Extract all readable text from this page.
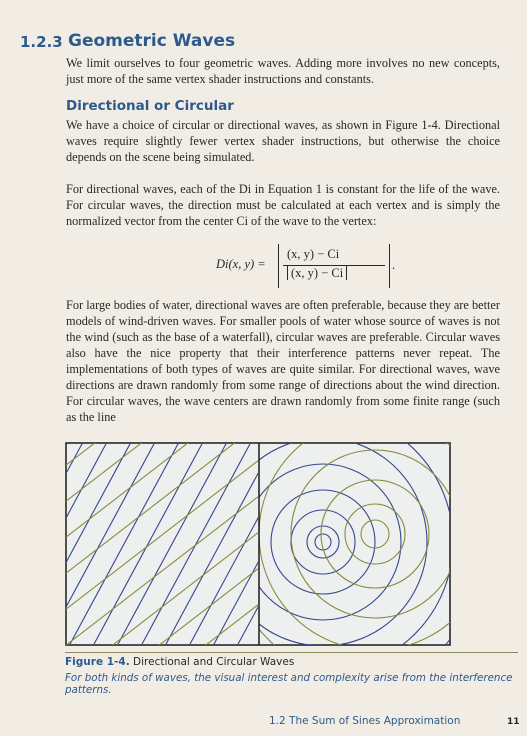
1.2.3 Geometric Waves

We limit ourselves to four geometric waves. Adding more involves no new concepts, just more of the same vertex shader instructions and constants.

Directional or Circular

We have a choice of circular or directional waves, as shown in Figure 1-4. Directional waves require slightly fewer vertex shader instructions, but otherwise the choice depends on the scene being simulated.

For directional waves, each of the Di in Equation 1 is constant for the life of the wave. For circular waves, the direction must be calculated at each vertex and is simply the normalized vector from the center Ci of the wave to the vertex:

Di(x, y) =
(x, y) − Ci
(x, y) − Ci
.

For large bodies of water, directional waves are often preferable, because they are better models of wind-driven waves. For smaller pools of water whose source of waves is not the wind (such as the base of a waterfall), circular waves are preferable. Circular waves also have the nice property that their interference patterns never repeat. The implementations of both types of waves are quite similar. For directional waves, wave directions are drawn randomly from some range of directions about the wind direction. For circular waves, the wave centers are drawn randomly from some finite range (such as the line

Figure 1-4. Directional and Circular Waves
For both kinds of waves, the visual interest and complexity arise from the interference patterns.
1.2 The Sum of Sines Approximation	11
